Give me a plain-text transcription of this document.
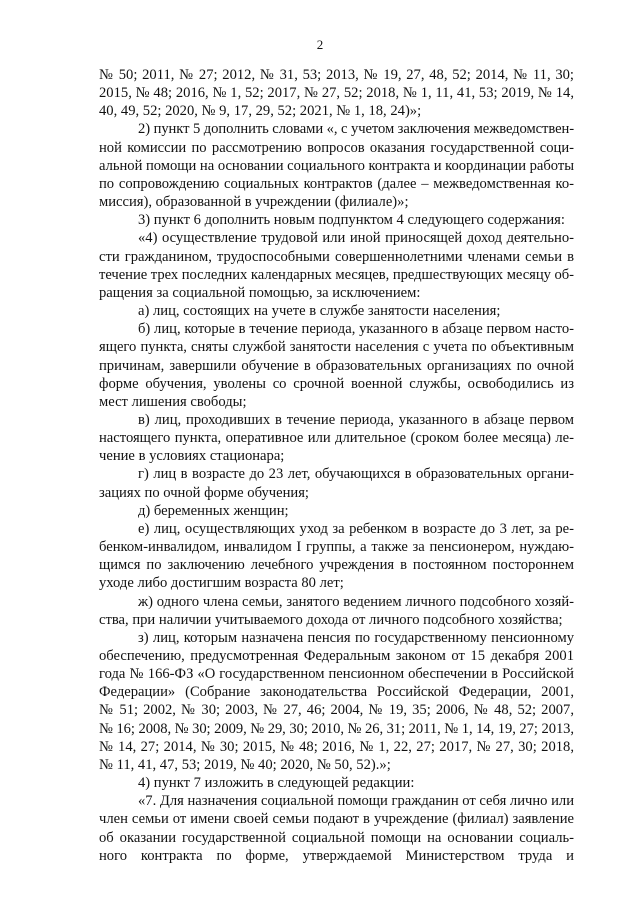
2
№ 50; 2011, № 27; 2012, № 31, 53; 2013, № 19, 27, 48, 52; 2014, № 11, 30;
2015, № 48; 2016, № 1, 52; 2017, № 27, 52; 2018, № 1, 11, 41, 53; 2019, № 14,
40, 49, 52; 2020, № 9, 17, 29, 52; 2021, № 1, 18, 24)»;
2) пункт 5 дополнить словами «, с учетом заключения межведомствен-
ной комиссии по рассмотрению вопросов оказания государственной соци-
альной помощи на основании социального контракта и координации работы
по сопровождению социальных контрактов (далее – межведомственная ко-
миссия), образованной в учреждении (филиале)»;
3) пункт 6 дополнить новым подпунктом 4 следующего содержания:
«4) осуществление трудовой или иной приносящей доход деятельно-
сти гражданином, трудоспособными совершеннолетними членами семьи в
течение трех последних календарных месяцев, предшествующих месяцу об-
ращения за социальной помощью, за исключением:
а) лиц, состоящих на учете в службе занятости населения;
б) лиц, которые в течение периода, указанного в абзаце первом насто-
ящего пункта, сняты службой занятости населения с учета по объективным
причинам, завершили обучение в образовательных организациях по очной
форме обучения, уволены со срочной военной службы, освободились из
мест лишения свободы;
в) лиц, проходивших в течение периода, указанного в абзаце первом
настоящего пункта, оперативное или длительное (сроком более месяца) ле-
чение в условиях стационара;
г) лиц в возрасте до 23 лет, обучающихся в образовательных органи-
зациях по очной форме обучения;
д) беременных женщин;
е) лиц, осуществляющих уход за ребенком в возрасте до 3 лет, за ре-
бенком-инвалидом, инвалидом I группы, а также за пенсионером, нуждаю-
щимся по заключению лечебного учреждения в постоянном постороннем
уходе либо достигшим возраста 80 лет;
ж) одного члена семьи, занятого ведением личного подсобного хозяй-
ства, при наличии учитываемого дохода от личного подсобного хозяйства;
з) лиц, которым назначена пенсия по государственному пенсионному
обеспечению, предусмотренная Федеральным законом от 15 декабря 2001
года № 166-ФЗ «О государственном пенсионном обеспечении в Российской
Федерации» (Собрание законодательства Российской Федерации, 2001,
№ 51; 2002, № 30; 2003, № 27, 46; 2004, № 19, 35; 2006, № 48, 52; 2007,
№ 16; 2008, № 30; 2009, № 29, 30; 2010, № 26, 31; 2011, № 1, 14, 19, 27; 2013,
№ 14, 27; 2014, № 30; 2015, № 48; 2016, № 1, 22, 27; 2017, № 27, 30; 2018,
№ 11, 41, 47, 53; 2019, № 40; 2020, № 50, 52).»;
4) пункт 7 изложить в следующей редакции:
«7. Для назначения социальной помощи гражданин от себя лично или
член семьи от имени своей семьи подают в учреждение (филиал) заявление
об оказании государственной социальной помощи на основании социаль-
ного контракта по форме, утверждаемой Министерством труда и
